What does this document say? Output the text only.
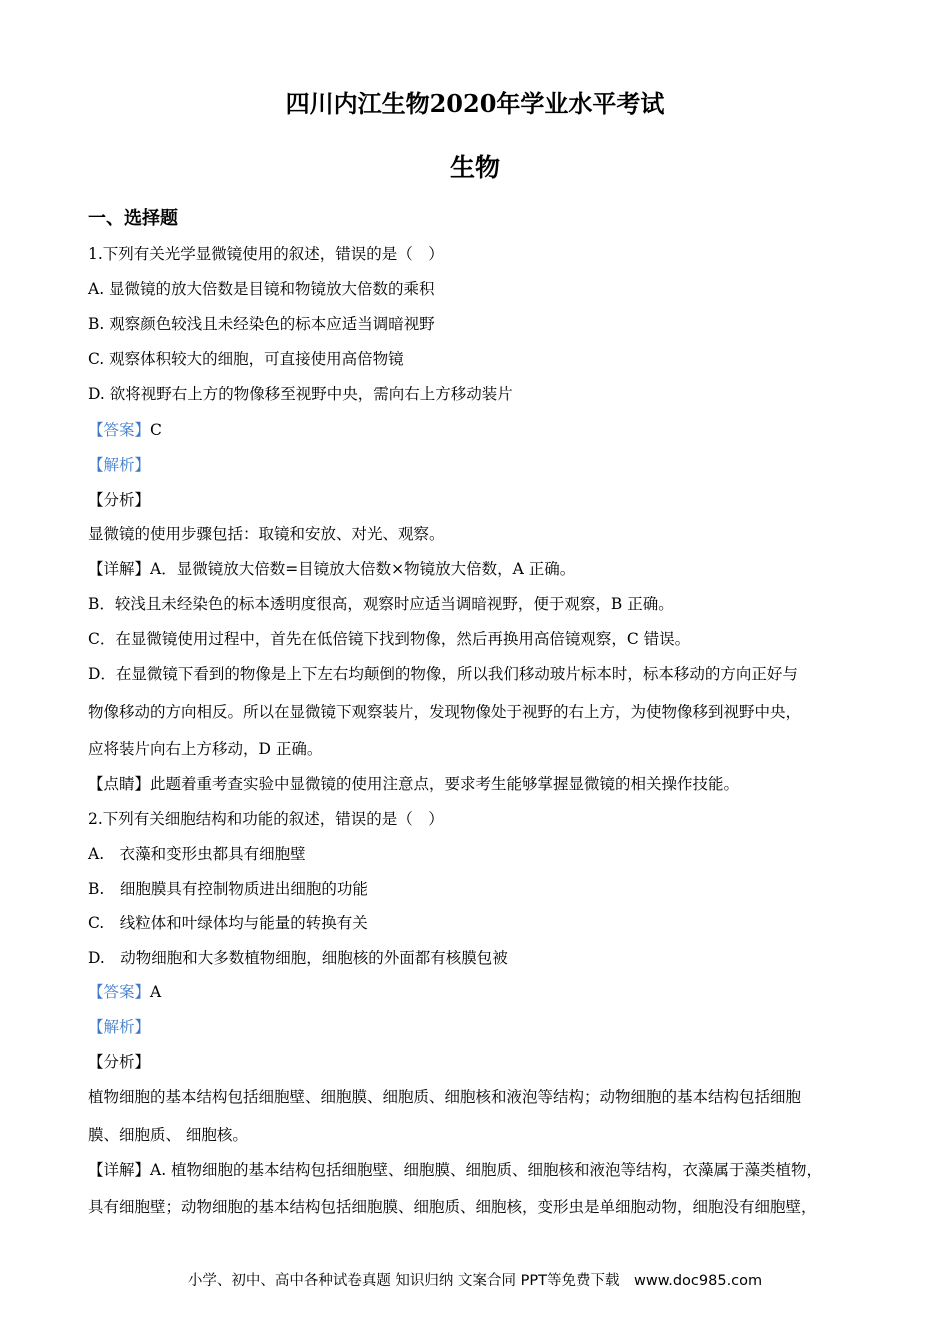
四川内江生物2020年学业水平考试
生物
一、选择题
1.下列有关光学显微镜使用的叙述，错误的是（　）
A. 显微镜的放大倍数是目镜和物镜放大倍数的乘积
B. 观察颜色较浅且未经染色的标本应适当调暗视野
C. 观察体积较大的细胞，可直接使用高倍物镜
D. 欲将视野右上方的物像移至视野中央，需向右上方移动装片
【答案】C
【解析】
【分析】
显微镜的使用步骤包括：取镜和安放、对光、观察。
【详解】A．显微镜放大倍数=目镜放大倍数×物镜放大倍数，A 正确。
B．较浅且未经染色的标本透明度很高，观察时应适当调暗视野，便于观察，B 正确。
C．在显微镜使用过程中，首先在低倍镜下找到物像，然后再换用高倍镜观察，C 错误。
D．在显微镜下看到的物像是上下左右均颠倒的物像，所以我们移动玻片标本时，标本移动的方向正好与
物像移动的方向相反。所以在显微镜下观察装片，发现物像处于视野的右上方，为使物像移到视野中央，
应将装片向右上方移动，D 正确。
【点睛】此题着重考查实验中显微镜的使用注意点，要求考生能够掌握显微镜的相关操作技能。
2.下列有关细胞结构和功能的叙述，错误的是（　）
A.　衣藻和变形虫都具有细胞壁
B.　细胞膜具有控制物质进出细胞的功能
C.　线粒体和叶绿体均与能量的转换有关
D.　动物细胞和大多数植物细胞，细胞核的外面都有核膜包被
【答案】A
【解析】
【分析】
植物细胞的基本结构包括细胞壁、细胞膜、细胞质、细胞核和液泡等结构；动物细胞的基本结构包括细胞
膜、细胞质、 细胞核。
【详解】A. 植物细胞的基本结构包括细胞壁、细胞膜、细胞质、细胞核和液泡等结构，衣藻属于藻类植物，
具有细胞壁；动物细胞的基本结构包括细胞膜、细胞质、细胞核，变形虫是单细胞动物，细胞没有细胞壁，
小学、初中、高中各种试卷真题 知识归纳 文案合同 PPT等免费下载　www.doc985.com
